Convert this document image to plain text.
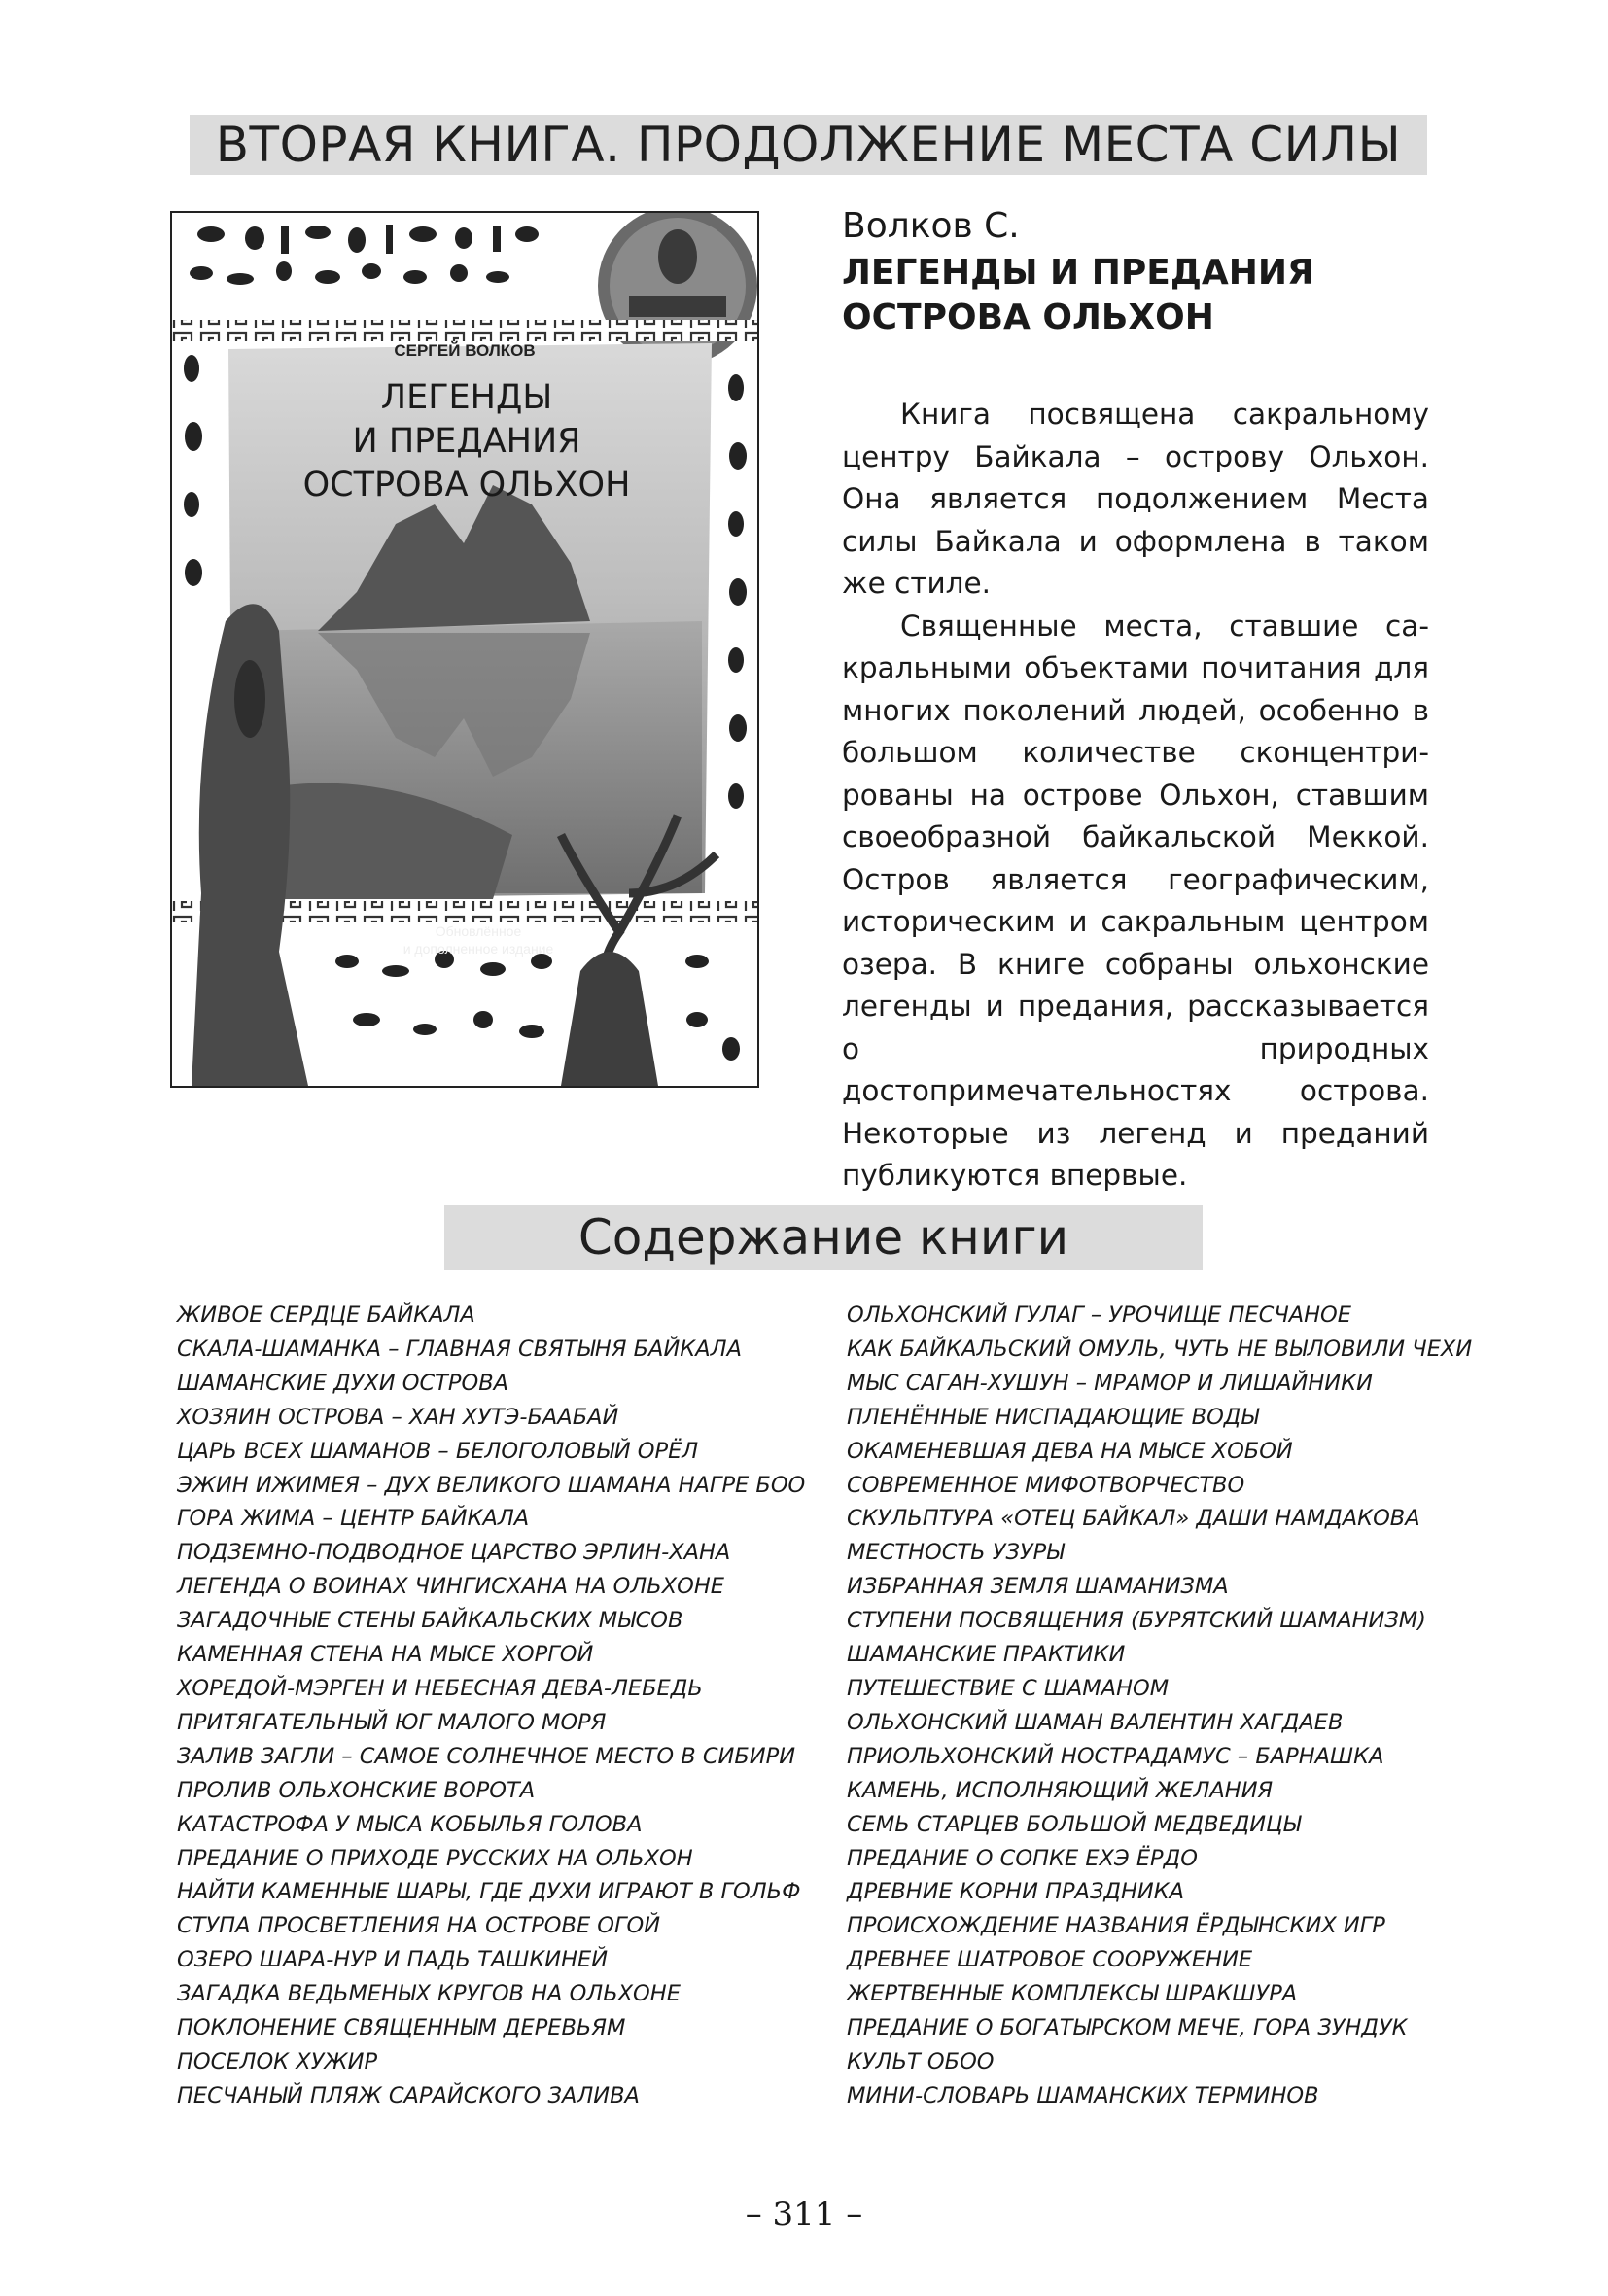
ВТОРАЯ КНИГА. ПРОДОЛЖЕНИЕ МЕСТА СИЛЫ
СЕРГЕЙ ВОЛКОВ
ЛЕГЕНДЫ
И ПРЕДАНИЯ
ОСТРОВА ОЛЬХОН
Обновлённое
и дополненное издание
Волков С.
ЛЕГЕНДЫ И ПРЕДАНИЯ
ОСТРОВА ОЛЬХОН

Книга посвящена сакральному центру Байкала – острову Ольхон. Она является подолжением Места силы Байкала и оформлена в таком же стиле.

Священные места, ставшие сакральными объектами почитания для многих поколений людей, особенно в большом количестве сконцентрированы на острове Ольхон, ставшим своеобразной байкальской Меккой. Остров является географическим, историческим и сакральным центром озера. В книге собраны ольхонские легенды и предания, рассказывается о природных достопримечательностях острова. Некоторые из легенд и преданий публикуются впервые.

Содержание книги
ЖИВОЕ СЕРДЦЕ БАЙКАЛА
СКАЛА-ШАМАНКА – ГЛАВНАЯ СВЯТЫНЯ БАЙКАЛА
ШАМАНСКИЕ ДУХИ ОСТРОВА
ХОЗЯИН ОСТРОВА – ХАН ХУТЭ-БААБАЙ
ЦАРЬ ВСЕХ ШАМАНОВ – БЕЛОГОЛОВЫЙ ОРЁЛ
ЭЖИН ИЖИМЕЯ – ДУХ ВЕЛИКОГО ШАМАНА НАГРЕ БОО
ГОРА ЖИМА – ЦЕНТР БАЙКАЛА
ПОДЗЕМНО-ПОДВОДНОЕ ЦАРСТВО ЭРЛИН-ХАНА
ЛЕГЕНДА О ВОИНАХ ЧИНГИСХАНА НА ОЛЬХОНЕ
ЗАГАДОЧНЫЕ СТЕНЫ БАЙКАЛЬСКИХ МЫСОВ
КАМЕННАЯ СТЕНА НА МЫСЕ ХОРГОЙ
ХОРЕДОЙ-МЭРГЕН И НЕБЕСНАЯ ДЕВА-ЛЕБЕДЬ
ПРИТЯГАТЕЛЬНЫЙ ЮГ МАЛОГО МОРЯ
ЗАЛИВ ЗАГЛИ – САМОЕ СОЛНЕЧНОЕ МЕСТО В СИБИРИ
ПРОЛИВ ОЛЬХОНСКИЕ ВОРОТА
КАТАСТРОФА У МЫСА КОБЫЛЬЯ ГОЛОВА
ПРЕДАНИЕ О ПРИХОДЕ РУССКИХ НА ОЛЬХОН
НАЙТИ КАМЕННЫЕ ШАРЫ, ГДЕ ДУХИ ИГРАЮТ В ГОЛЬФ
СТУПА ПРОСВЕТЛЕНИЯ НА ОСТРОВЕ ОГОЙ
ОЗЕРО ШАРА-НУР И ПАДЬ ТАШКИНЕЙ
ЗАГАДКА ВЕДЬМЕНЫХ КРУГОВ НА ОЛЬХОНЕ
ПОКЛОНЕНИЕ СВЯЩЕННЫМ ДЕРЕВЬЯМ
ПОСЕЛОК ХУЖИР
ПЕСЧАНЫЙ ПЛЯЖ САРАЙСКОГО ЗАЛИВА
ОЛЬХОНСКИЙ ГУЛАГ – УРОЧИЩЕ ПЕСЧАНОЕ
КАК БАЙКАЛЬСКИЙ ОМУЛЬ, ЧУТЬ НЕ ВЫЛОВИЛИ ЧЕХИ
МЫС САГАН-ХУШУН – МРАМОР И ЛИШАЙНИКИ
ПЛЕНЁННЫЕ НИСПАДАЮЩИЕ ВОДЫ
ОКАМЕНЕВШАЯ ДЕВА НА МЫСЕ ХОБОЙ
СОВРЕМЕННОЕ МИФОТВОРЧЕСТВО
СКУЛЬПТУРА «ОТЕЦ БАЙКАЛ» ДАШИ НАМДАКОВА
МЕСТНОСТЬ УЗУРЫ
ИЗБРАННАЯ ЗЕМЛЯ ШАМАНИЗМА
СТУПЕНИ ПОСВЯЩЕНИЯ (БУРЯТСКИЙ ШАМАНИЗМ)
ШАМАНСКИЕ ПРАКТИКИ
ПУТЕШЕСТВИЕ С ШАМАНОМ
ОЛЬХОНСКИЙ ШАМАН ВАЛЕНТИН ХАГДАЕВ
ПРИОЛЬХОНСКИЙ НОСТРАДАМУС – БАРНАШКА
КАМЕНЬ, ИСПОЛНЯЮЩИЙ ЖЕЛАНИЯ
СЕМЬ СТАРЦЕВ БОЛЬШОЙ МЕДВЕДИЦЫ
ПРЕДАНИЕ О СОПКЕ ЕХЭ ЁРДО
ДРЕВНИЕ КОРНИ ПРАЗДНИКА
ПРОИСХОЖДЕНИЕ НАЗВАНИЯ ЁРДЫНСКИХ ИГР
ДРЕВНЕЕ ШАТРОВОЕ СООРУЖЕНИЕ
ЖЕРТВЕННЫЕ КОМПЛЕКСЫ ШРАКШУРА
ПРЕДАНИЕ О БОГАТЫРСКОМ МЕЧЕ, ГОРА ЗУНДУК
КУЛЬТ ОБОО
МИНИ-СЛОВАРЬ ШАМАНСКИХ ТЕРМИНОВ
– 311 –
